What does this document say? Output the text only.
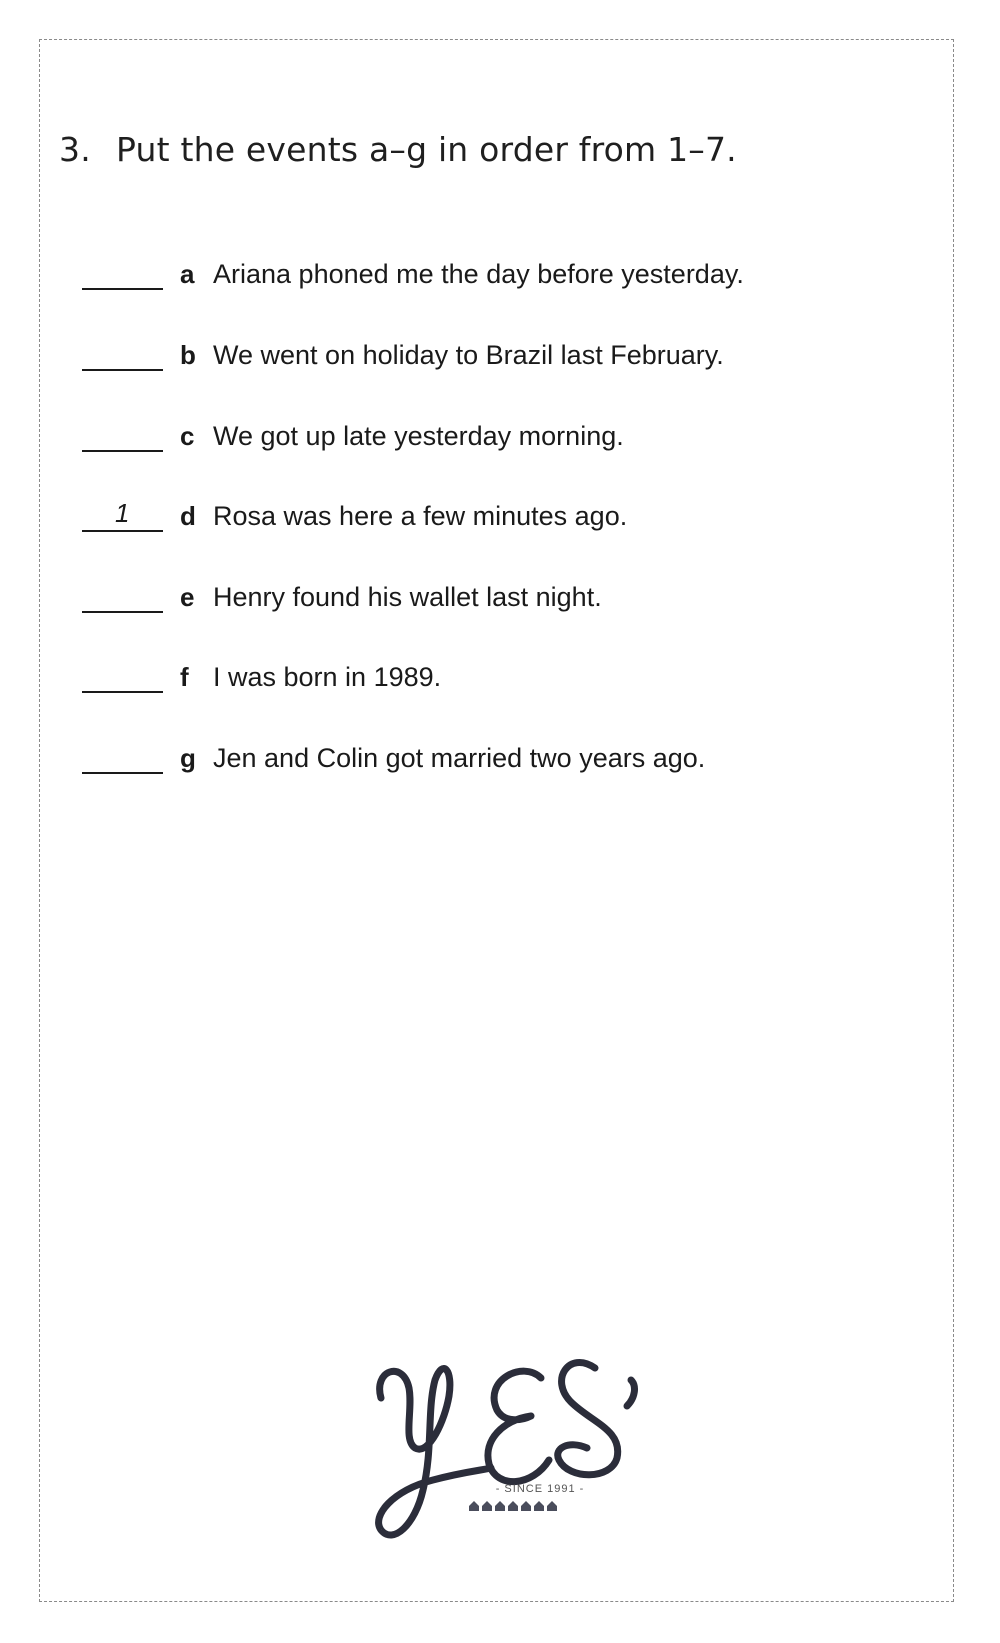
3. Put the events a–g in order from 1–7.
a Ariana phoned me the day before yesterday.
b We went on holiday to Brazil last February.
c We got up late yesterday morning.
1	d Rosa was here a few minutes ago.
e Henry found his wallet last night.
f I was born in 1989.
g Jen and Colin got married two years ago.
- SINCE 1991 -
